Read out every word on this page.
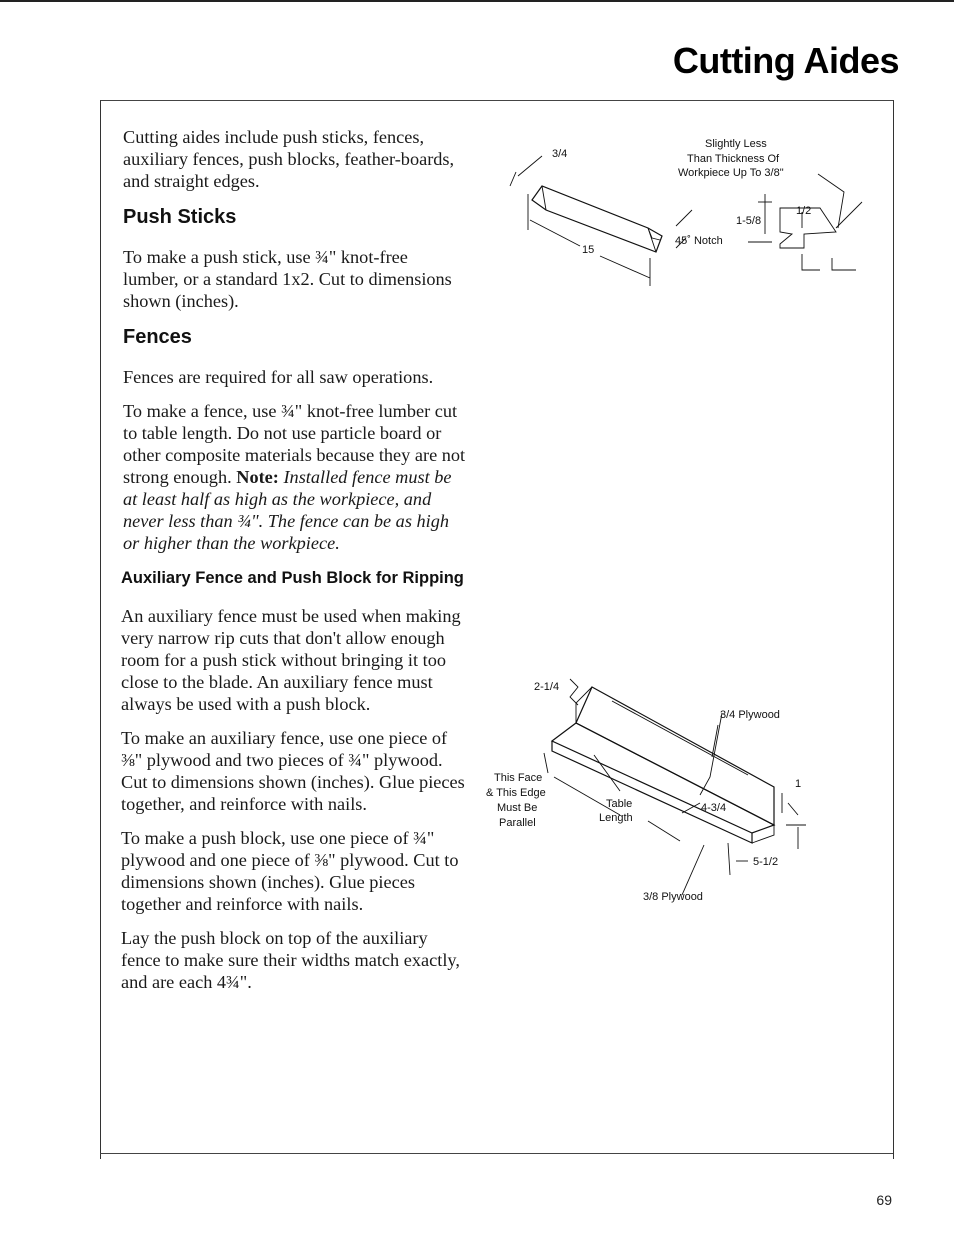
Cutting Aides

Cutting aides include push sticks, fences, auxiliary fences, push blocks, feather-boards, and straight edges.

Push Sticks

To make a push stick, use ¾" knot-free lumber, or a standard 1x2. Cut to dimensions shown (inches).

Fences

Fences are required for all saw operations.

To make a fence, use ¾" knot-free lumber cut to table length. Do not use particle board or other composite materials because they are not strong enough. Note: Installed fence must be at least half as high as the workpiece, and never less than ¾". The fence can be as high or higher than the workpiece.

Auxiliary Fence and Push Block for Ripping

An auxiliary fence must be used when making very narrow rip cuts that don't allow enough room for a push stick without bringing it too close to the blade. An auxiliary fence must always be used with a push block.

To make an auxiliary fence, use one piece of ⅜" plywood and two pieces of ¾" plywood. Cut to dimensions shown (inches). Glue pieces together, and reinforce with nails.

To make a push block, use one piece of ¾" plywood and one piece of ⅜" plywood. Cut to dimensions shown (inches). Glue pieces together and reinforce with nails.

Lay the push block on top of the auxiliary fence to make sure their widths match exactly, and are each 4¾".

3/4
15
45˚ Notch
1-5/8
1/2
Slightly Less
Than Thickness Of
Workpiece Up To 3/8"
2-1/4
3/4 Plywood
1
This Face
& This Edge
Must Be
Parallel
Table
Length
4-3/4
5-1/2
3/8 Plywood
69
